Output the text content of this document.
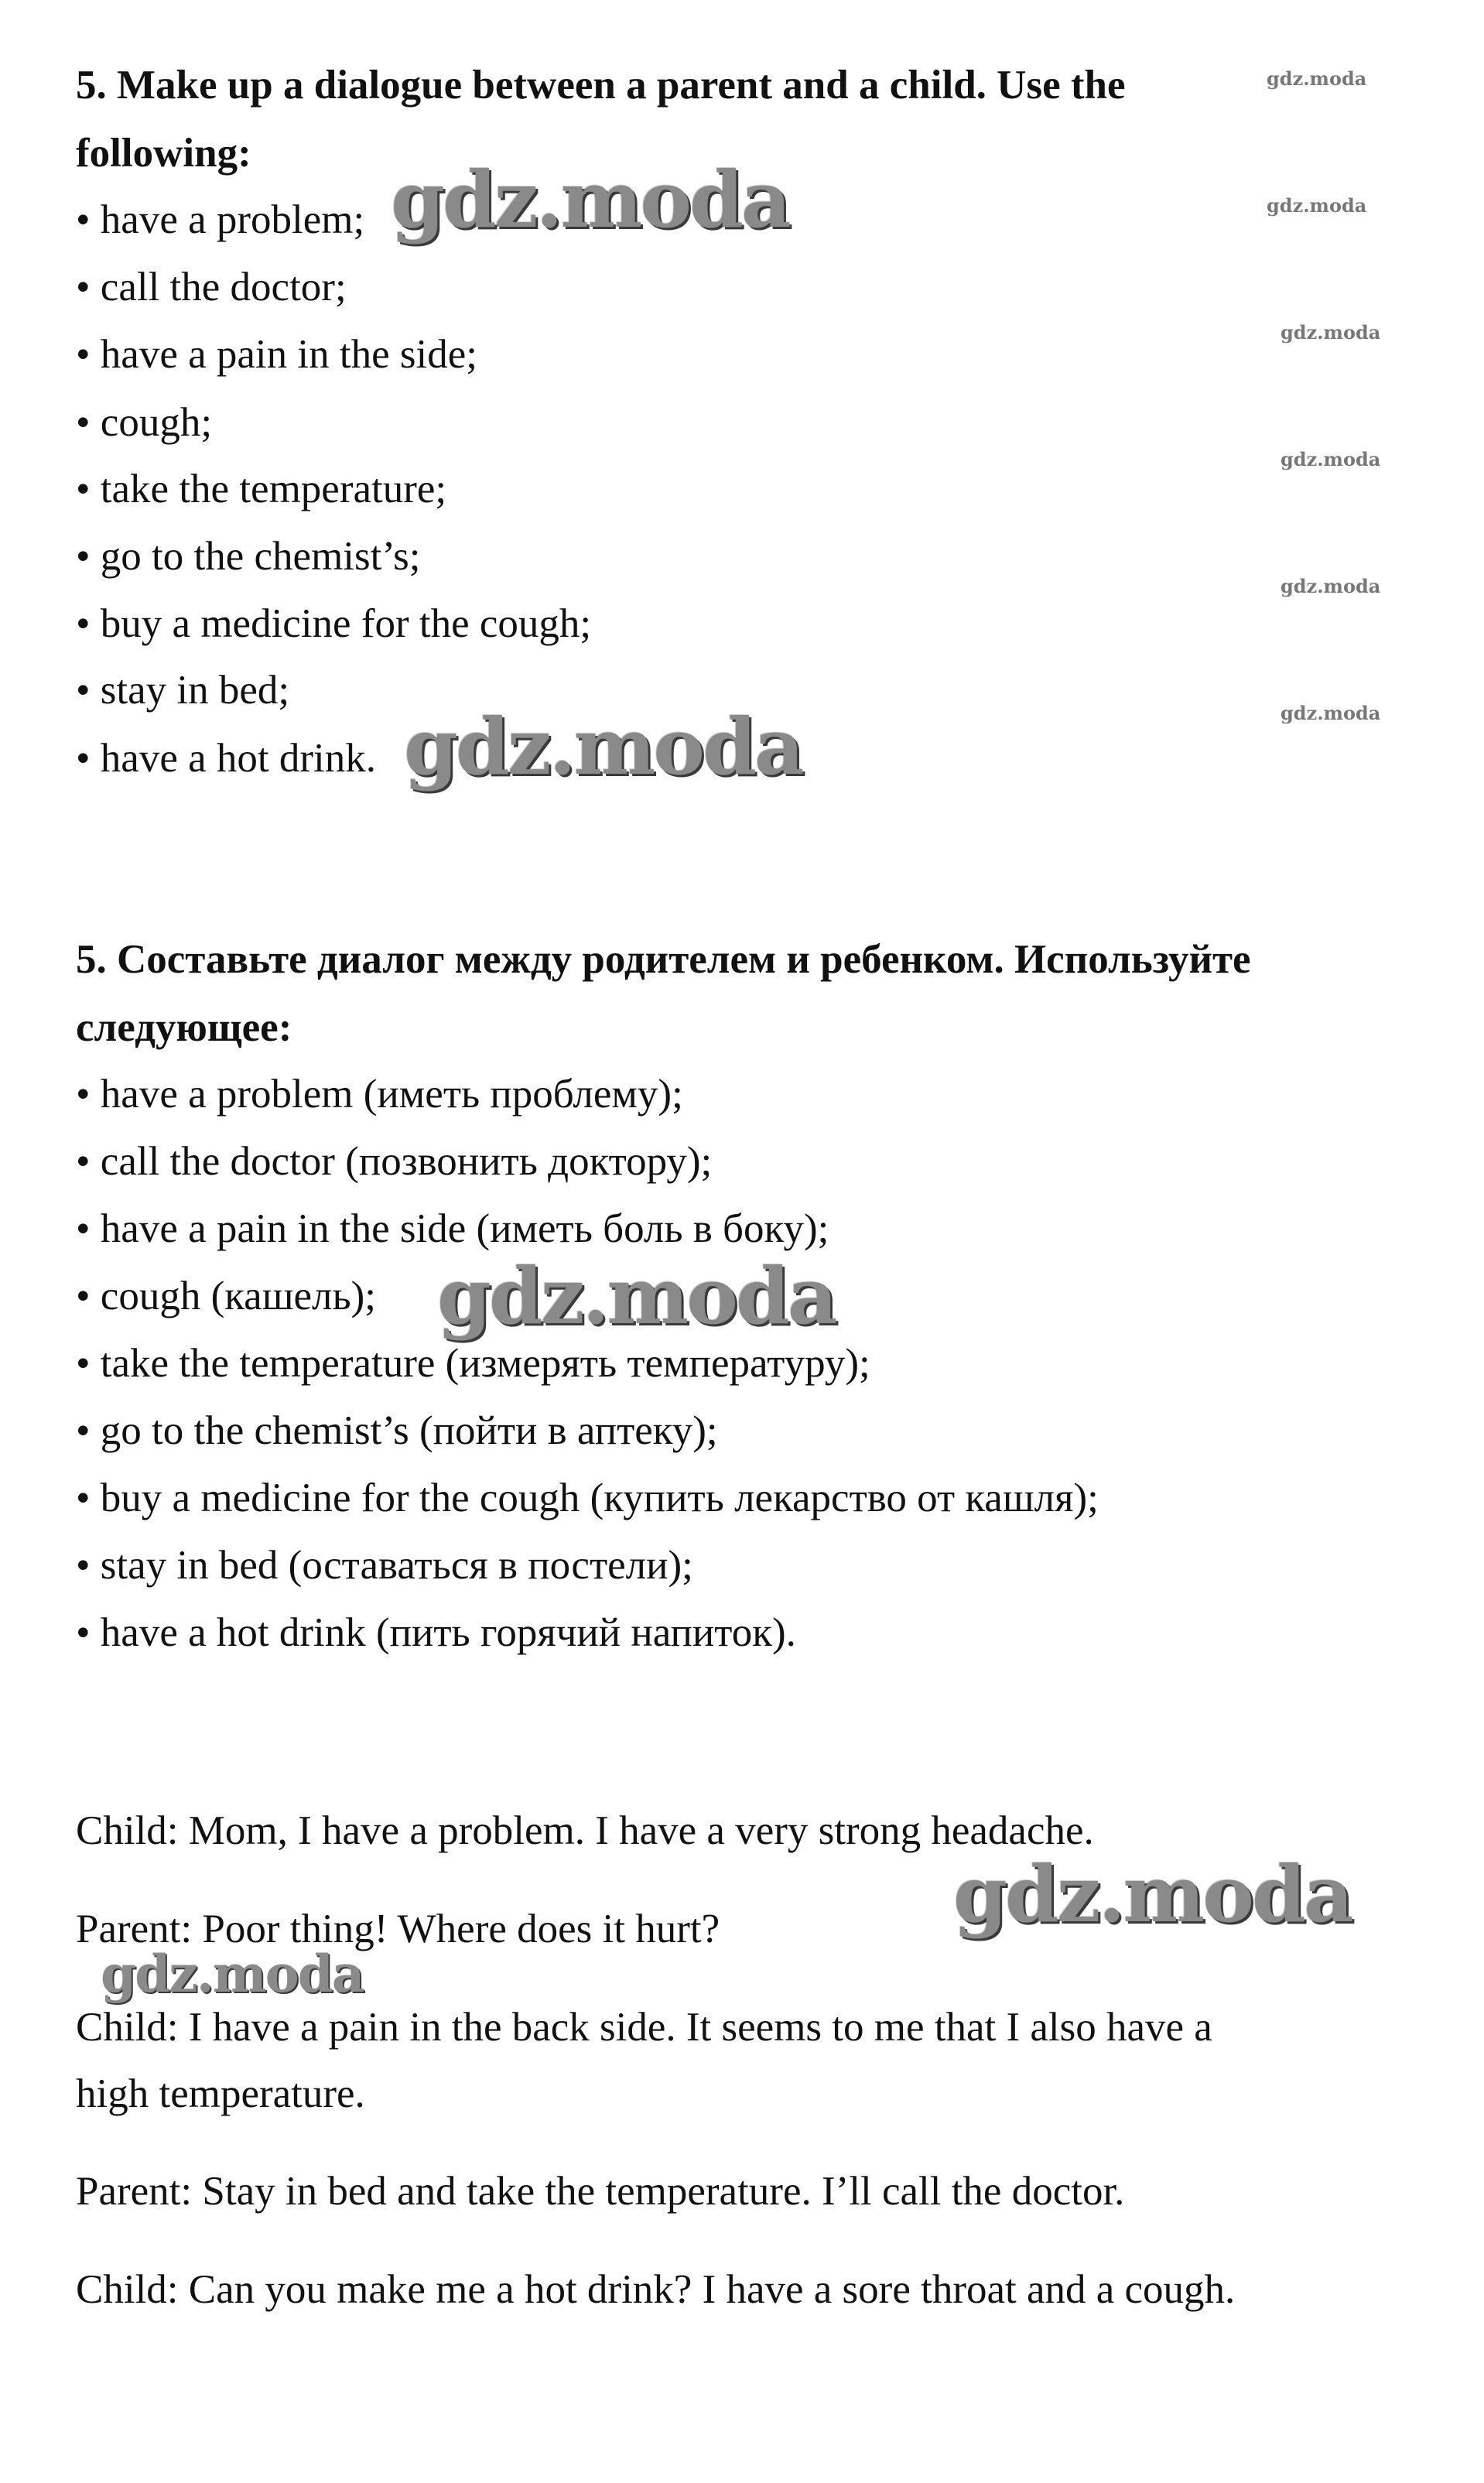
5. Make up a dialogue between a parent and a child. Use the
following:
• have a problem;
• call the doctor;
• have a pain in the side;
• cough;
• take the temperature;
• go to the chemist’s;
• buy a medicine for the cough;
• stay in bed;
• have a hot drink.
5. Составьте диалог между родителем и ребенком. Используйте
следующее:
• have a problem (иметь проблему);
• call the doctor (позвонить доктору);
• have a pain in the side (иметь боль в боку);
• cough (кашель);
• take the temperature (измерять температуру);
• go to the chemist’s (пойти в аптеку);
• buy a medicine for the cough (купить лекарство от кашля);
• stay in bed (оставаться в постели);
• have a hot drink (пить горячий напиток).
Child: Mom, I have a problem. I have a very strong headache.
Parent: Poor thing! Where does it hurt?
Child: I have a pain in the back side. It seems to me that I also have a
high temperature.
Parent: Stay in bed and take the temperature. I’ll call the doctor.
Child: Can you make me a hot drink? I have a sore throat and a cough.
gdz.moda
gdz.moda
gdz.moda
gdz.moda
gdz.moda
gdz.moda
gdz.moda
gdz.moda
gdz.moda
gdz.moda
gdz.moda
